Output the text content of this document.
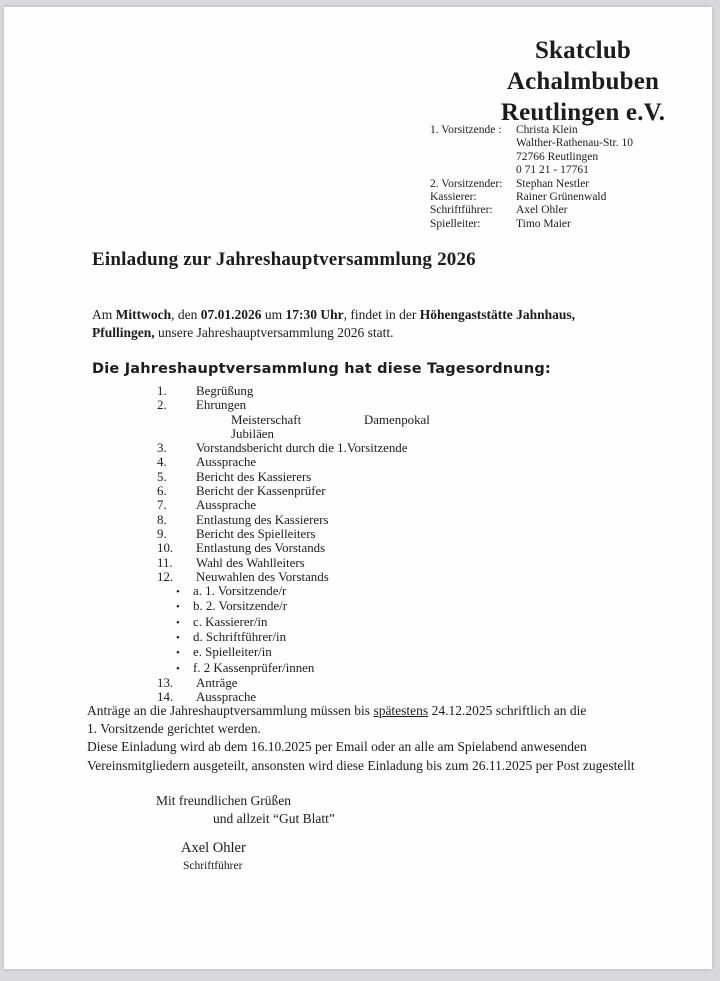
Skatclub
Achalmbuben
Reutlingen e.V.
1. Vorsitzende :	Christa Klein
Walther-Rathenau-Str. 10
72766 Reutlingen
0 71 21 - 17761
2. Vorsitzender:	Stephan Nestler
Kassierer:	Rainer Grünenwald
Schriftführer:	Axel Ohler
Spielleiter:	Timo Maier
Einladung zur Jahreshauptversammlung 2026
Am Mittwoch, den 07.01.2026 um 17:30 Uhr, findet in der Höhengaststätte Jahnhaus,
Pfullingen, unsere Jahreshauptversammlung 2026 statt.
Die Jahreshauptversammlung hat diese Tagesordnung:
1. Begrüßung
2. Ehrungen
Meisterschaft	Damenpokal
Jubiläen
3. Vorstandsbericht durch die 1.Vorsitzende
4. Aussprache
5. Bericht des Kassierers
6. Bericht der Kassenprüfer
7. Aussprache
8. Entlastung des Kassierers
9. Bericht des Spielleiters
10. Entlastung des Vorstands
11. Wahl des Wahlleiters
12. Neuwahlen des Vorstands
• a. 1. Vorsitzende/r
• b. 2. Vorsitzende/r
• c. Kassierer/in
• d. Schriftführer/in
• e. Spielleiter/in
• f. 2 Kassenprüfer/innen
13. Anträge
14. Aussprache
Anträge an die Jahreshauptversammlung müssen bis spätestens 24.12.2025 schriftlich an die
1. Vorsitzende gerichtet werden.
Diese Einladung wird ab dem 16.10.2025 per Email oder an alle am Spielabend anwesenden
Vereinsmitgliedern ausgeteilt, ansonsten wird diese Einladung bis zum 26.11.2025 per Post zugestellt
Mit freundlichen Grüßen
und allzeit “Gut Blatt”
Axel Ohler
Schriftführer
